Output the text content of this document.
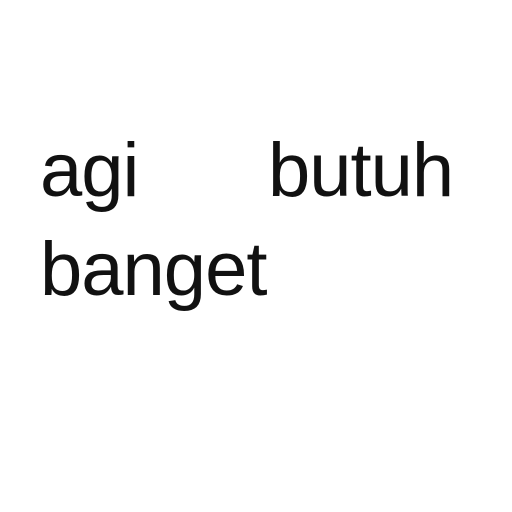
agi butuh
banget
